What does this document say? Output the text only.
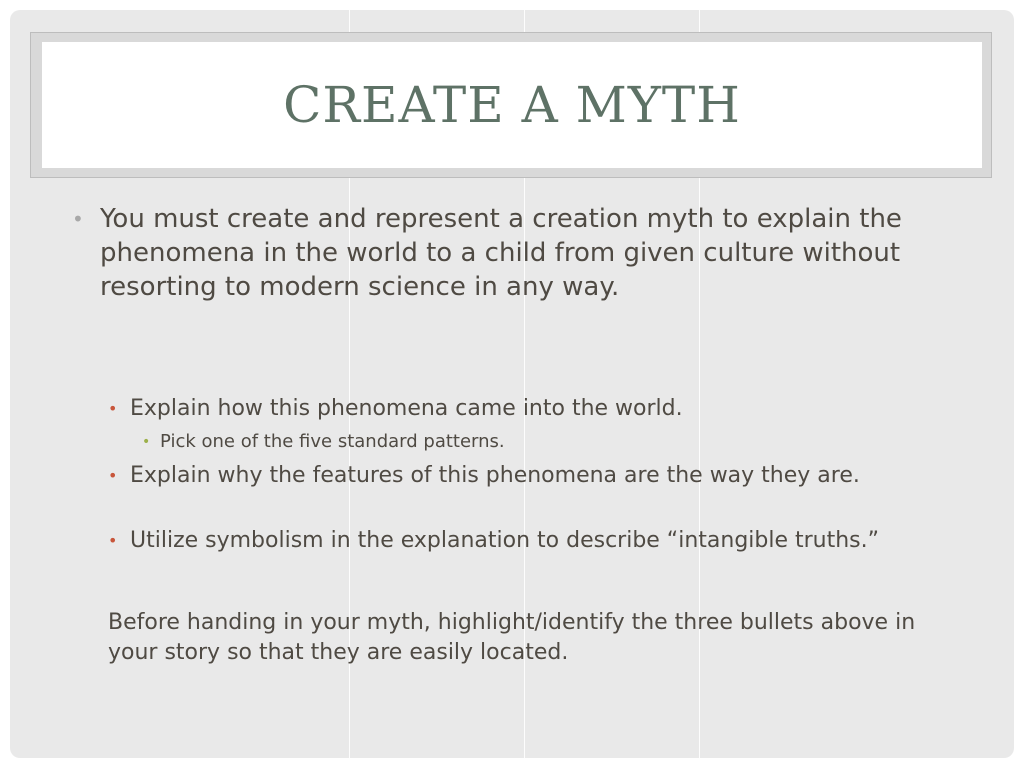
CREATE A MYTH
• You must create and represent a creation myth to explain the phenomena in the world to a child from given culture without resorting to modern science in any way.
• Explain how this phenomena came into the world.
• Pick one of the five standard patterns.
• Explain why the features of this phenomena are the way they are.
• Utilize symbolism in the explanation to describe “intangible truths.”
Before handing in your myth, highlight/identify the three bullets above in your story so that they are easily located.
